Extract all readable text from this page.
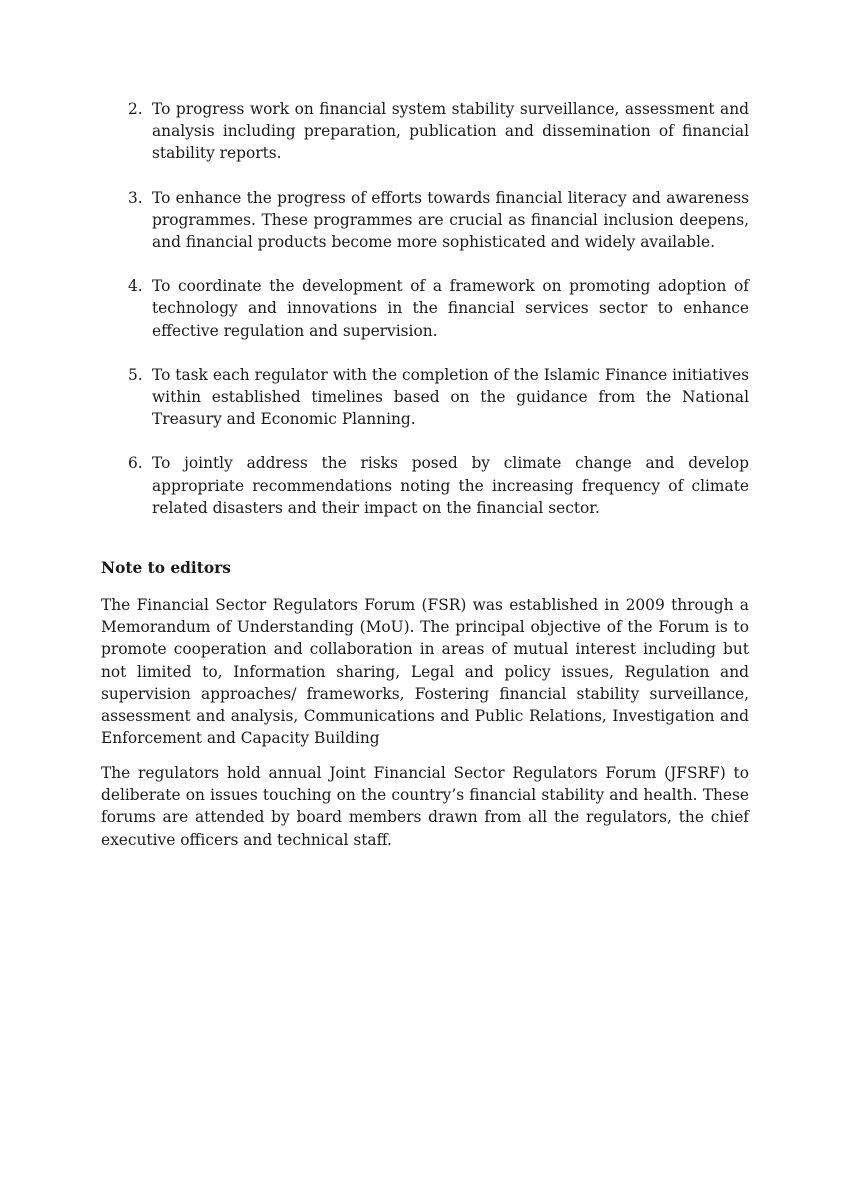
2. To progress work on financial system stability surveillance, assessment and analysis including preparation, publication and dissemination of financial stability reports.
3. To enhance the progress of efforts towards financial literacy and awareness programmes. These programmes are crucial as financial inclusion deepens, and financial products become more sophisticated and widely available.
4. To coordinate the development of a framework on promoting adoption of technology and innovations in the financial services sector to enhance effective regulation and supervision.
5. To task each regulator with the completion of the Islamic Finance initiatives within established timelines based on the guidance from the National Treasury and Economic Planning.
6. To jointly address the risks posed by climate change and develop appropriate recommendations noting the increasing frequency of climate related disasters and their impact on the financial sector.
Note to editors

The Financial Sector Regulators Forum (FSR) was established in 2009 through a Memorandum of Understanding (MoU). The principal objective of the Forum is to promote cooperation and collaboration in areas of mutual interest including but not limited to, Information sharing, Legal and policy issues, Regulation and supervision approaches/ frameworks, Fostering financial stability surveillance, assessment and analysis, Communications and Public Relations, Investigation and Enforcement and Capacity Building

The regulators hold annual Joint Financial Sector Regulators Forum (JFSRF) to deliberate on issues touching on the country’s financial stability and health. These forums are attended by board members drawn from all the regulators, the chief executive officers and technical staff.
